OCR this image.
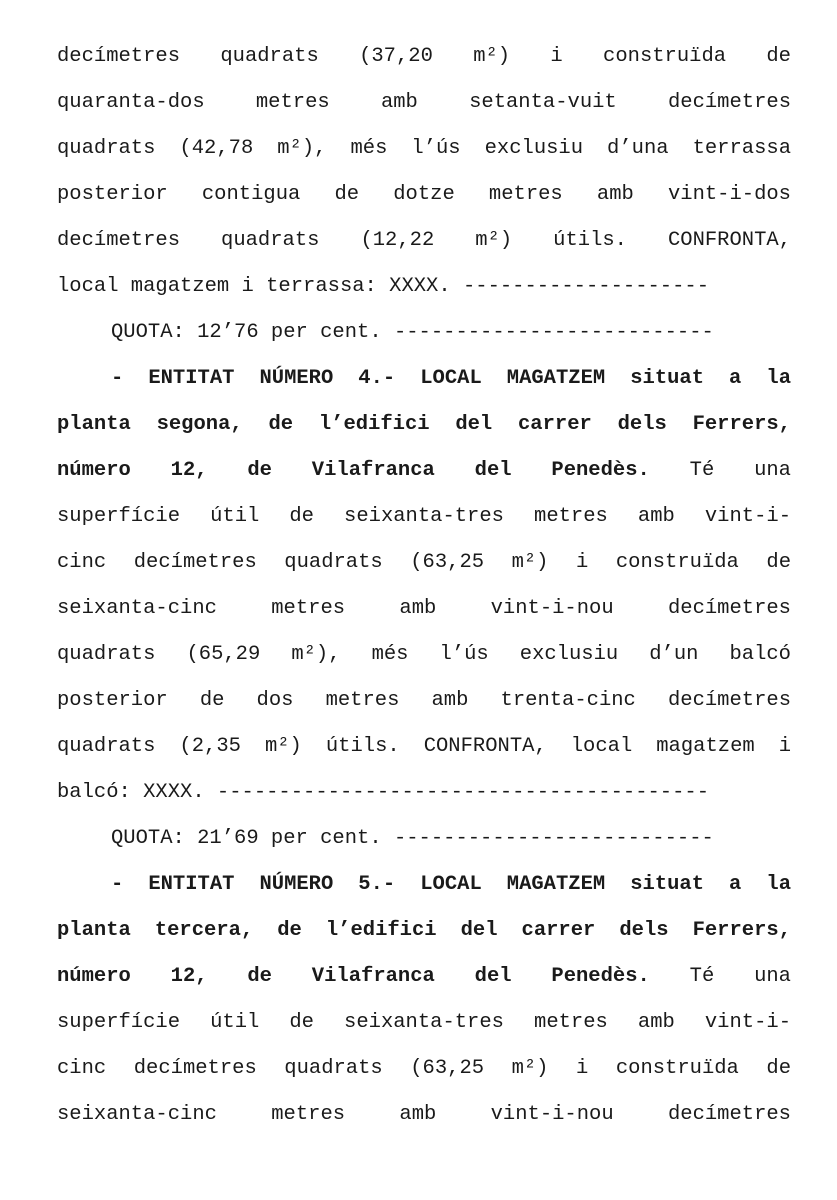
decímetres quadrats (37,20 m²) i construïda de
quaranta-dos metres amb setanta-vuit decímetres
quadrats (42,78 m²), més l’ús exclusiu d’una terrassa
posterior contigua de dotze metres amb vint-i-dos
decímetres quadrats (12,22 m²) útils. CONFRONTA,
local magatzem i terrassa: XXXX. --------------------
QUOTA: 12’76 per cent. --------------------------
- ENTITAT NÚMERO 4.- LOCAL MAGATZEM situat a la
planta segona, de l’edifici del carrer dels Ferrers,
número 12, de Vilafranca del Penedès. Té una
superfície útil de seixanta-tres metres amb vint-i-
cinc decímetres quadrats (63,25 m²) i construïda de
seixanta-cinc metres amb vint-i-nou decímetres
quadrats (65,29 m²), més l’ús exclusiu d’un balcó
posterior de dos metres amb trenta-cinc decímetres
quadrats (2,35 m²) útils. CONFRONTA, local magatzem i
balcó: XXXX. ----------------------------------------
QUOTA: 21’69 per cent. --------------------------
- ENTITAT NÚMERO 5.- LOCAL MAGATZEM situat a la
planta tercera, de l’edifici del carrer dels Ferrers,
número 12, de Vilafranca del Penedès. Té una
superfície útil de seixanta-tres metres amb vint-i-
cinc decímetres quadrats (63,25 m²) i construïda de
seixanta-cinc metres amb vint-i-nou decímetres
